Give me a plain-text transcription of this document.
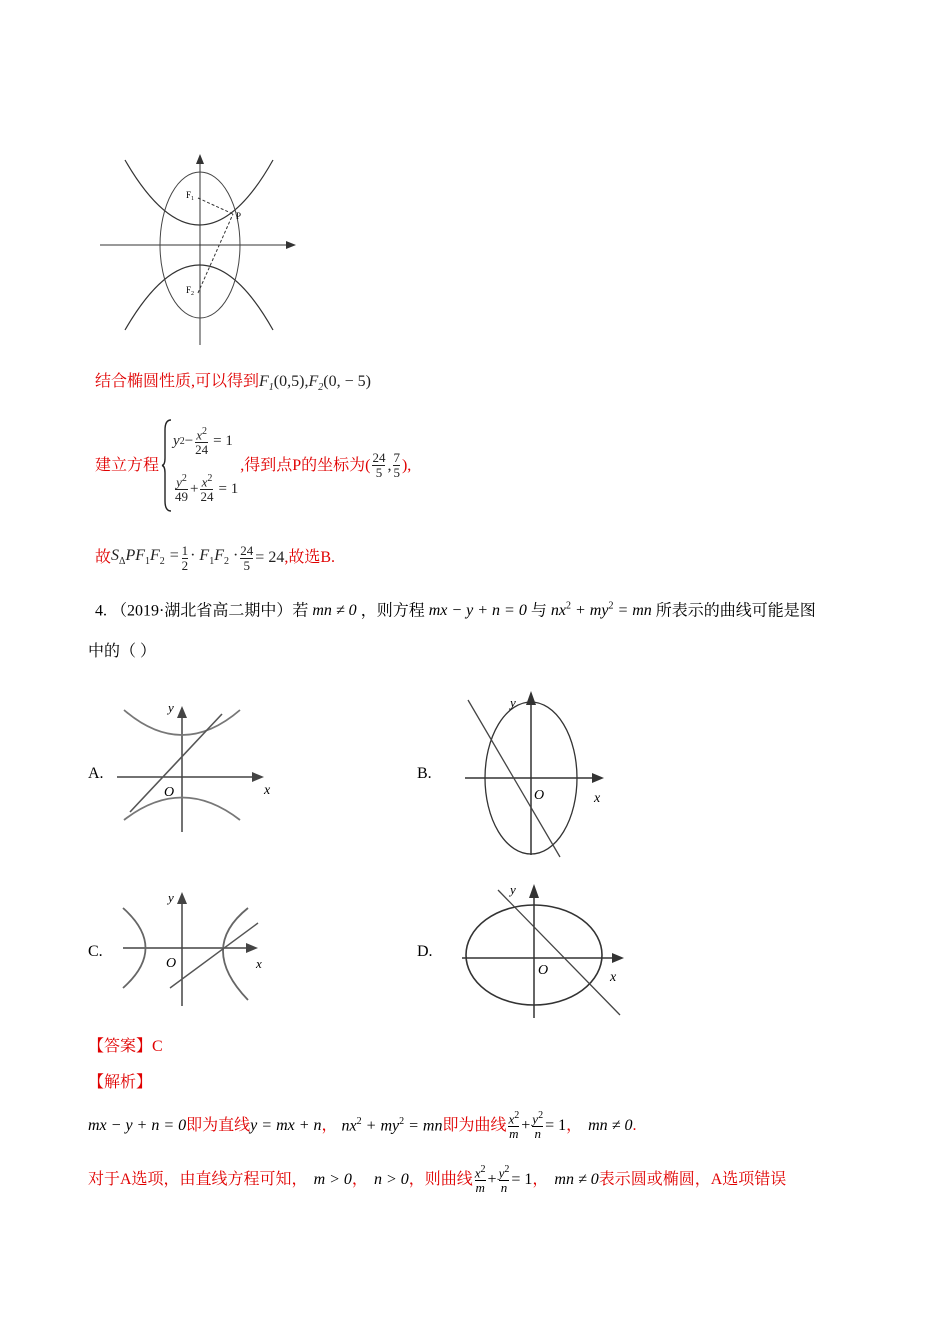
$F_1$
$F_2$
P
结合椭圆性质,可以得到$F_1(0,5),F_2(0$, − 5)
建立方程
y $2 - \frac{x^2}{24} = 1$
$\frac{y^2}{49} + \frac{x^2}{24} = 1$
,得到点P的坐标为( $\frac{24}{5}$ , $\frac{7}{5}$ ),
故 $S_\Delta PF_1F_2 = \frac{1}{2} \cdot F_1F_2 \cdot \frac{24}{5} = 24$ ,故选B.
4. （2019·湖北省高二期中）若 mn ≠ 0 ，则方程 mx − y + n = 0 与 $nx^2 + my^2$ = mn 所表示的曲线可能是图
中的（ ）
A.
y
x
O
B.
y
x
O
C.
y
x
O
D.
y
x
O
【答案】C
【解析】
mx − y + n = 0 即为直线 y = mx + n ， $nx^2 + my^2$ = mn 即为曲线 $\frac{x^2}{m} + \frac{y^2}{n} = 1$ ， mn ≠ 0 .
对于A选项，由直线方程可知， m > 0 ， n > 0 ，则曲线 $\frac{x^2}{m} + \frac{y^2}{n} = 1$ ， mn ≠ 0 表示圆或椭圆，A选项错误
